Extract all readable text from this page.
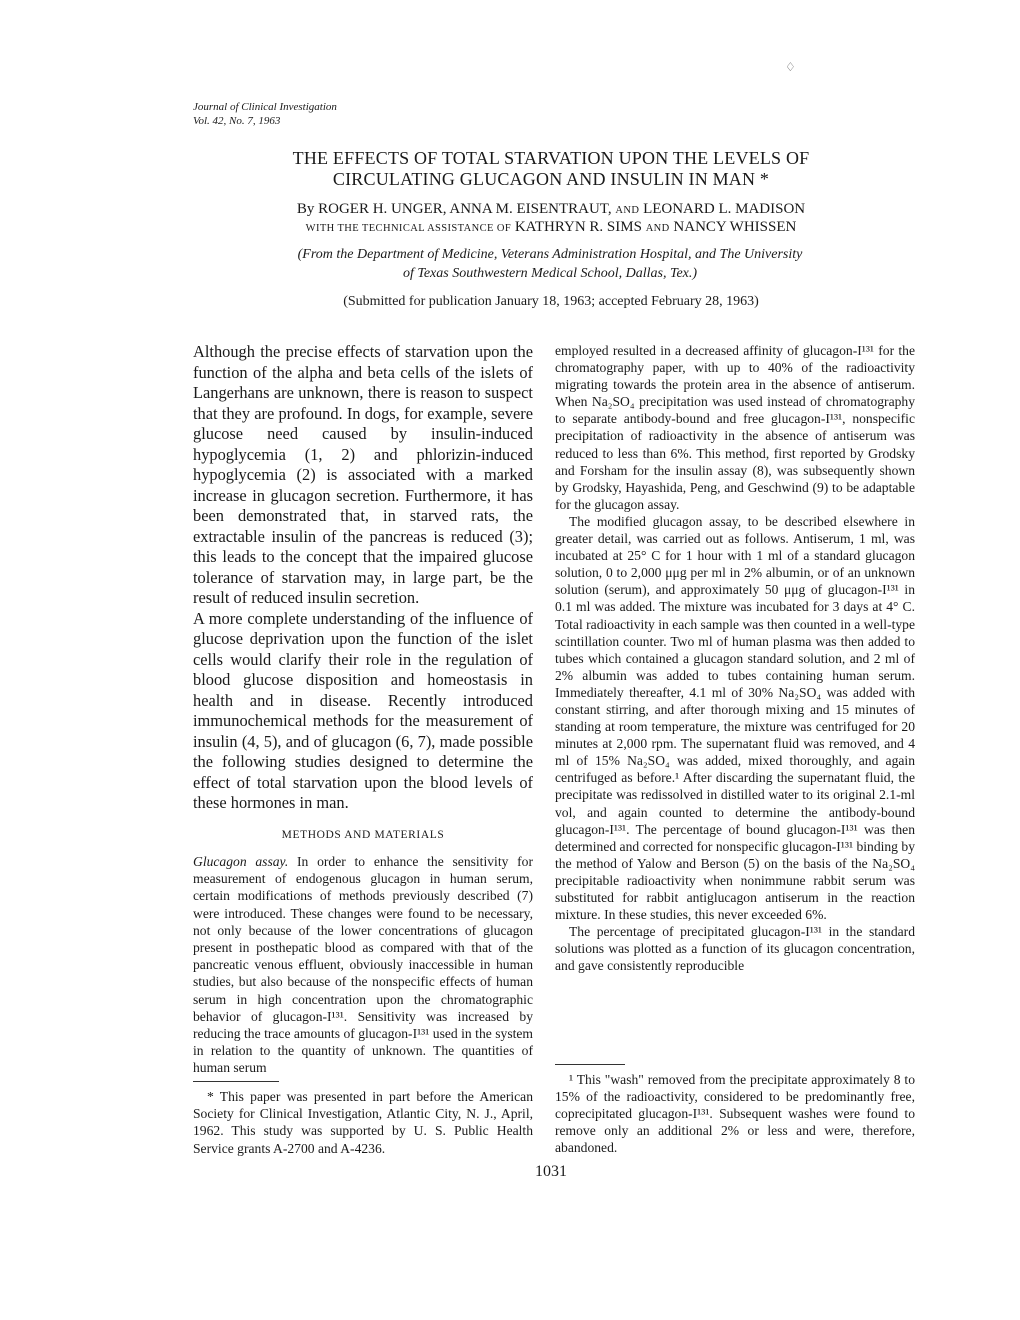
Journal of Clinical Investigation
Vol. 42, No. 7, 1963
♢
THE EFFECTS OF TOTAL STARVATION UPON THE LEVELS OF
CIRCULATING GLUCAGON AND INSULIN IN MAN *
By ROGER H. UNGER, ANNA M. EISENTRAUT, AND LEONARD L. MADISON
WITH THE TECHNICAL ASSISTANCE OF KATHRYN R. SIMS AND NANCY WHISSEN
(From the Department of Medicine, Veterans Administration Hospital, and The University
of Texas Southwestern Medical School, Dallas, Tex.)
(Submitted for publication January 18, 1963; accepted February 28, 1963)

Although the precise effects of starvation upon the function of the alpha and beta cells of the islets of Langerhans are unknown, there is reason to suspect that they are profound. In dogs, for example, severe glucose need caused by insulin-induced hypoglycemia (1, 2) and phlorizin-induced hypoglycemia (2) is associated with a marked increase in glucagon secretion. Furthermore, it has been demonstrated that, in starved rats, the extractable insulin of the pancreas is reduced (3); this leads to the concept that the impaired glucose tolerance of starvation may, in large part, be the result of reduced insulin secretion.

A more complete understanding of the influence of glucose deprivation upon the function of the islet cells would clarify their role in the regulation of blood glucose disposition and homeostasis in health and in disease. Recently introduced immunochemical methods for the measurement of insulin (4, 5), and of glucagon (6, 7), made possible the following studies designed to determine the effect of total starvation upon the blood levels of these hormones in man.

METHODS AND MATERIALS

Glucagon assay. In order to enhance the sensitivity for measurement of endogenous glucagon in human serum, certain modifications of methods previously described (7) were introduced. These changes were found to be necessary, not only because of the lower concentrations of glucagon present in posthepatic blood as compared with that of the pancreatic venous effluent, obviously inaccessible in human studies, but also because of the nonspecific effects of human serum in high concentration upon the chromatographic behavior of glucagon-I¹³¹. Sensitivity was increased by reducing the trace amounts of glucagon-I¹³¹ used in the system in relation to the quantity of unknown. The quantities of human serum

* This paper was presented in part before the American Society for Clinical Investigation, Atlantic City, N. J., April, 1962. This study was supported by U. S. Public Health Service grants A-2700 and A-4236.

employed resulted in a decreased affinity of glucagon-I¹³¹ for the chromatography paper, with up to 40% of the radioactivity migrating towards the protein area in the absence of antiserum. When Na₂SO₄ precipitation was used instead of chromatography to separate antibody-bound and free glucagon-I¹³¹, nonspecific precipitation of radioactivity in the absence of antiserum was reduced to less than 6%. This method, first reported by Grodsky and Forsham for the insulin assay (8), was subsequently shown by Grodsky, Hayashida, Peng, and Geschwind (9) to be adaptable for the glucagon assay.

The modified glucagon assay, to be described elsewhere in greater detail, was carried out as follows. Antiserum, 1 ml, was incubated at 25° C for 1 hour with 1 ml of a standard glucagon solution, 0 to 2,000 μμg per ml in 2% albumin, or of an unknown solution (serum), and approximately 50 μμg of glucagon-I¹³¹ in 0.1 ml was added. The mixture was incubated for 3 days at 4° C. Total radioactivity in each sample was then counted in a well-type scintillation counter. Two ml of human plasma was then added to tubes which contained a glucagon standard solution, and 2 ml of 2% albumin was added to tubes containing human serum. Immediately thereafter, 4.1 ml of 30% Na₂SO₄ was added with constant stirring, and after thorough mixing and 15 minutes of standing at room temperature, the mixture was centrifuged for 20 minutes at 2,000 rpm. The supernatant fluid was removed, and 4 ml of 15% Na₂SO₄ was added, mixed thoroughly, and again centrifuged as before.¹ After discarding the supernatant fluid, the precipitate was redissolved in distilled water to its original 2.1-ml vol, and again counted to determine the antibody-bound glucagon-I¹³¹. The percentage of bound glucagon-I¹³¹ was then determined and corrected for nonspecific glucagon-I¹³¹ binding by the method of Yalow and Berson (5) on the basis of the Na₂SO₄ precipitable radioactivity when nonimmune rabbit serum was substituted for rabbit antiglucagon antiserum in the reaction mixture. In these studies, this never exceeded 6%.

The percentage of precipitated glucagon-I¹³¹ in the standard solutions was plotted as a function of its glucagon concentration, and gave consistently reproducible

¹ This "wash" removed from the precipitate approximately 8 to 15% of the radioactivity, considered to be predominantly free, coprecipitated glucagon-I¹³¹. Subsequent washes were found to remove only an additional 2% or less and were, therefore, abandoned.

1031
